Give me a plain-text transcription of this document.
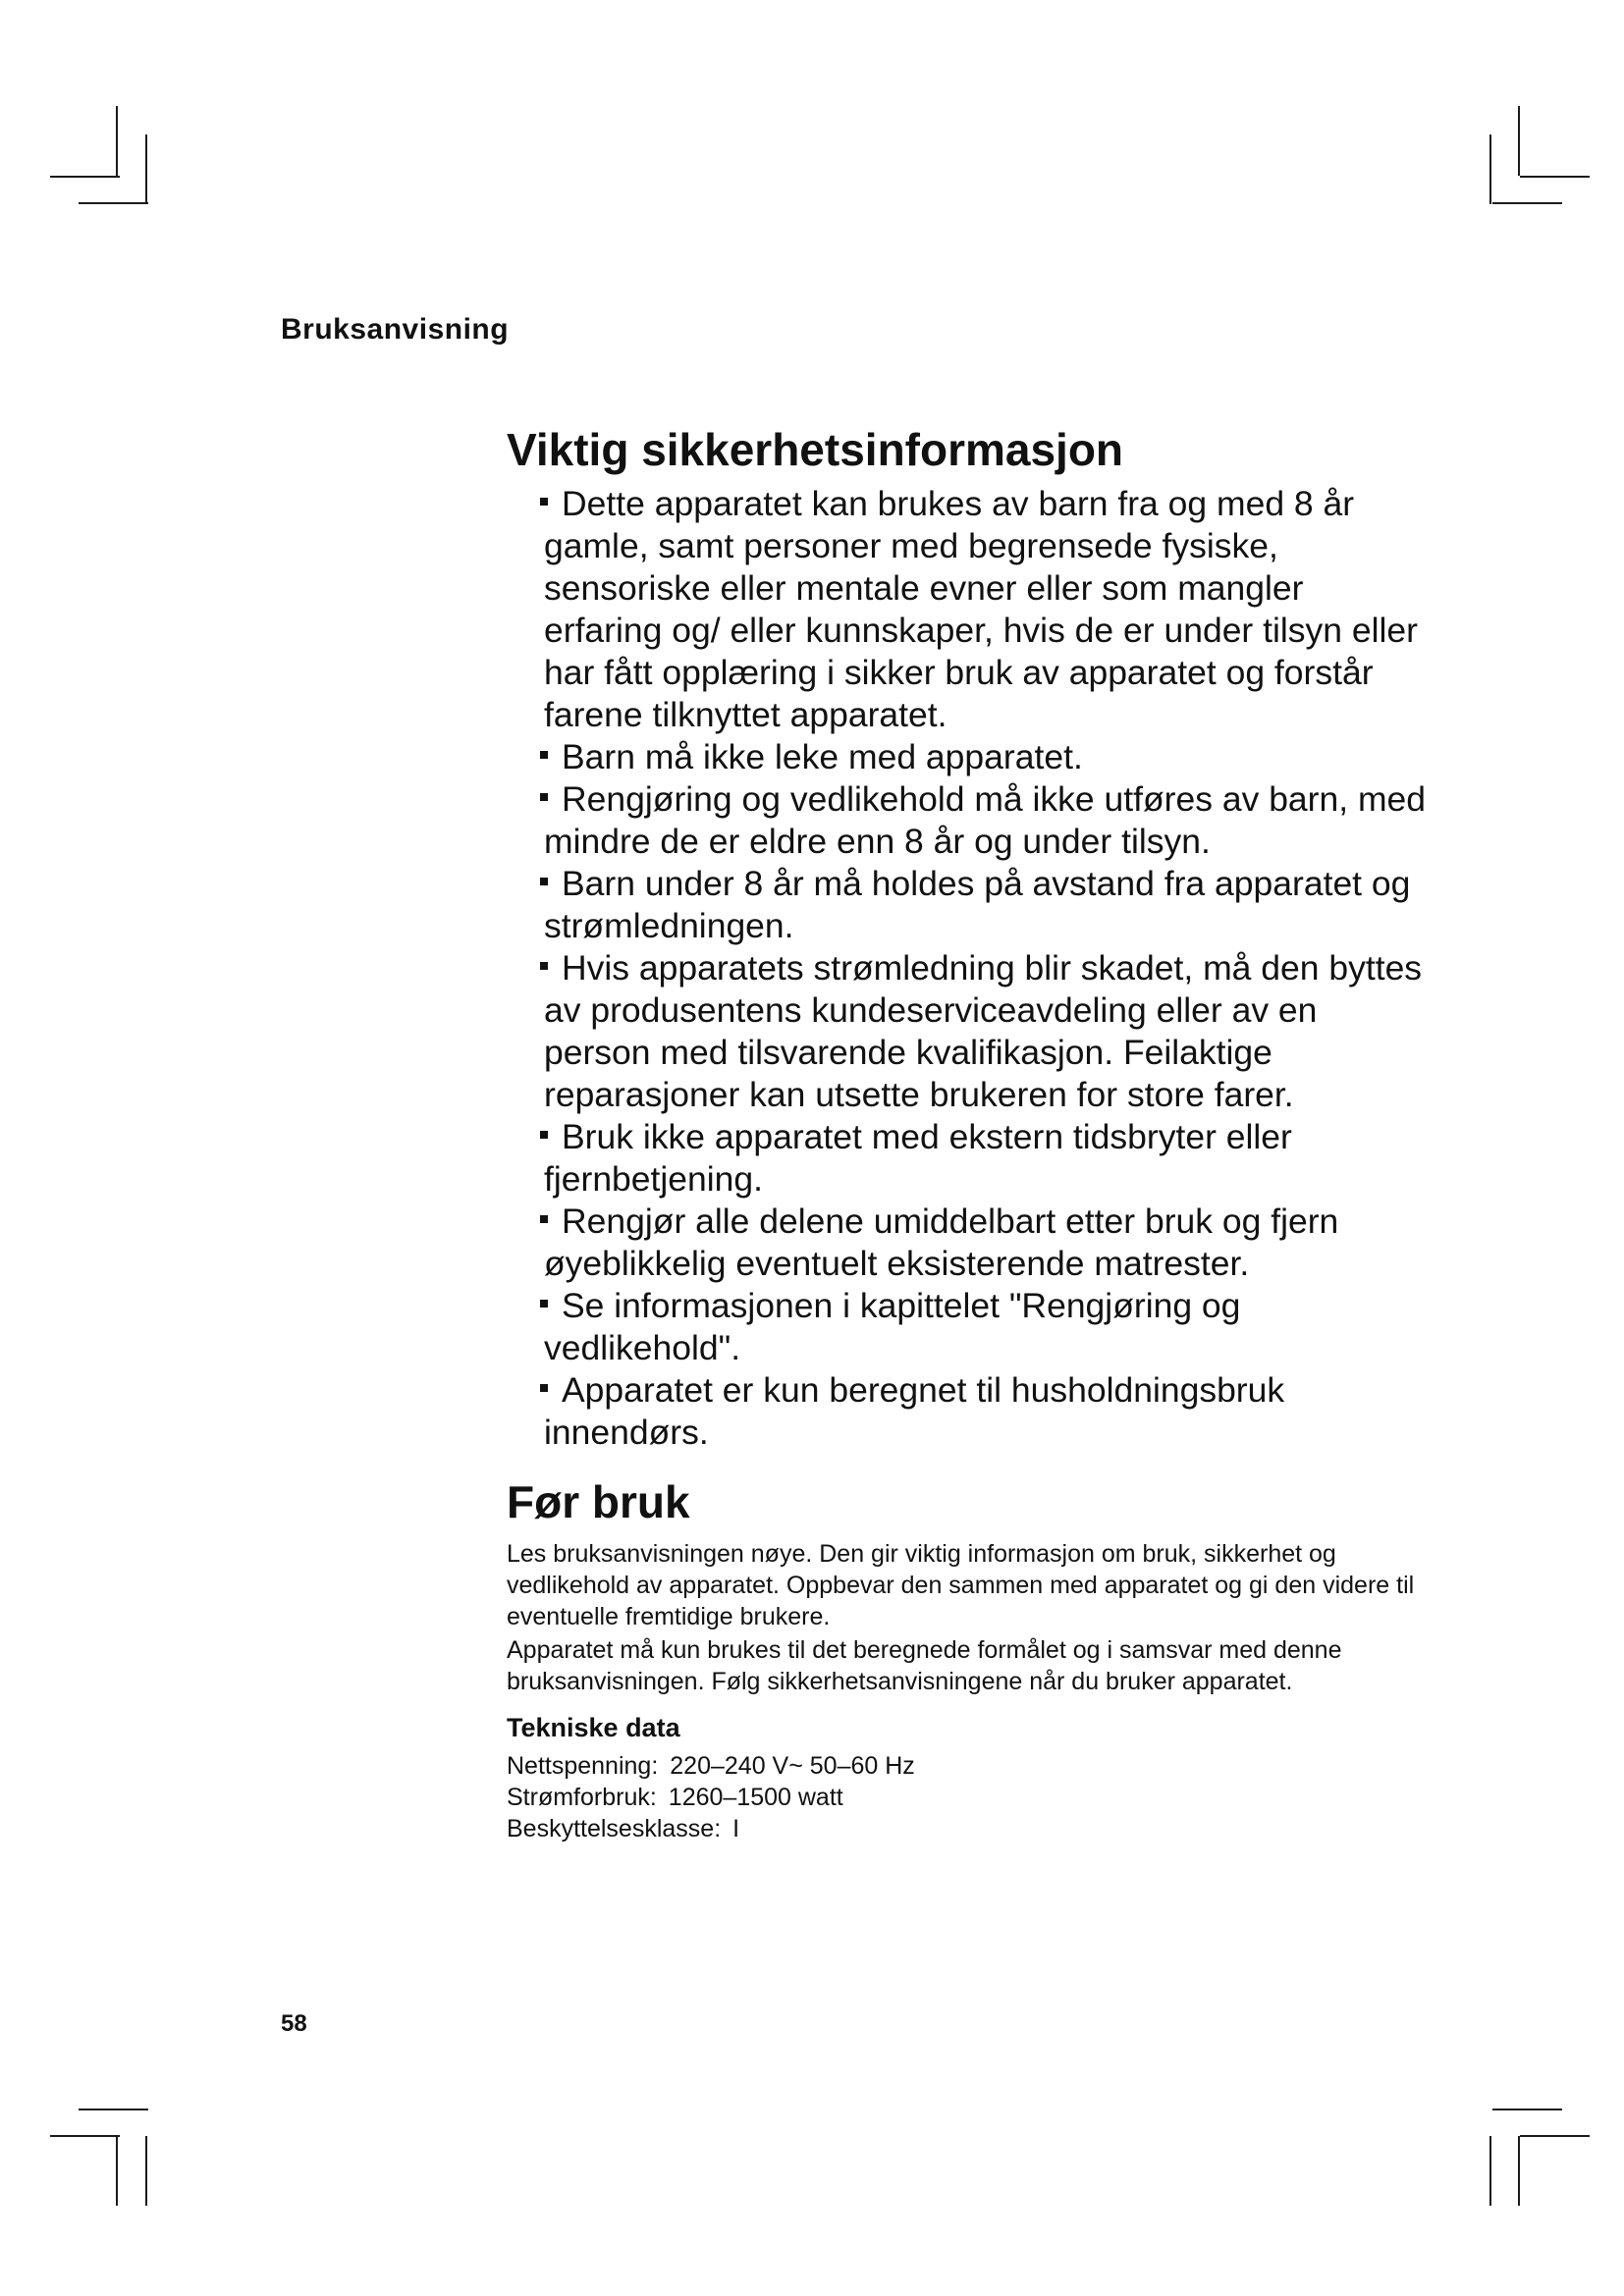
Bruksanvisning
Viktig sikkerhetsinformasjon
Dette apparatet kan brukes av barn fra og med 8 år gamle, samt personer med begrensede fysiske, sensoriske eller mentale evner eller som mangler erfaring og/ eller kunnskaper, hvis de er under tilsyn eller har fått opplæring i sikker bruk av apparatet og forstår farene tilknyttet apparatet.
Barn må ikke leke med apparatet.
Rengjøring og vedlikehold må ikke utføres av barn, med mindre de er eldre enn 8 år og under tilsyn.
Barn under 8 år må holdes på avstand fra apparatet og strømledningen.
Hvis apparatets strømledning blir skadet, må den byttes av produsentens kundeserviceavdeling eller av en person med tilsvarende kvalifikasjon. Feilaktige reparasjoner kan utsette brukeren for store farer.
Bruk ikke apparatet med ekstern tidsbryter eller fjernbetjening.
Rengjør alle delene umiddelbart etter bruk og fjern øyeblikkelig eventuelt eksisterende matrester.
Se informasjonen i kapittelet "Rengjøring og vedlikehold".
Apparatet er kun beregnet til husholdningsbruk innendørs.
Før bruk

Les bruksanvisningen nøye. Den gir viktig informasjon om bruk, sikkerhet og vedlikehold av apparatet. Oppbevar den sammen med apparatet og gi den videre til eventuelle fremtidige brukere.

Apparatet må kun brukes til det beregnede formålet og i samsvar med denne bruksanvisningen. Følg sikkerhetsanvisningene når du bruker apparatet.

Tekniske data
Nettspenning: 220–240 V~ 50–60 Hz
Strømforbruk: 1260–1500 watt
Beskyttelsesklasse: I
58
